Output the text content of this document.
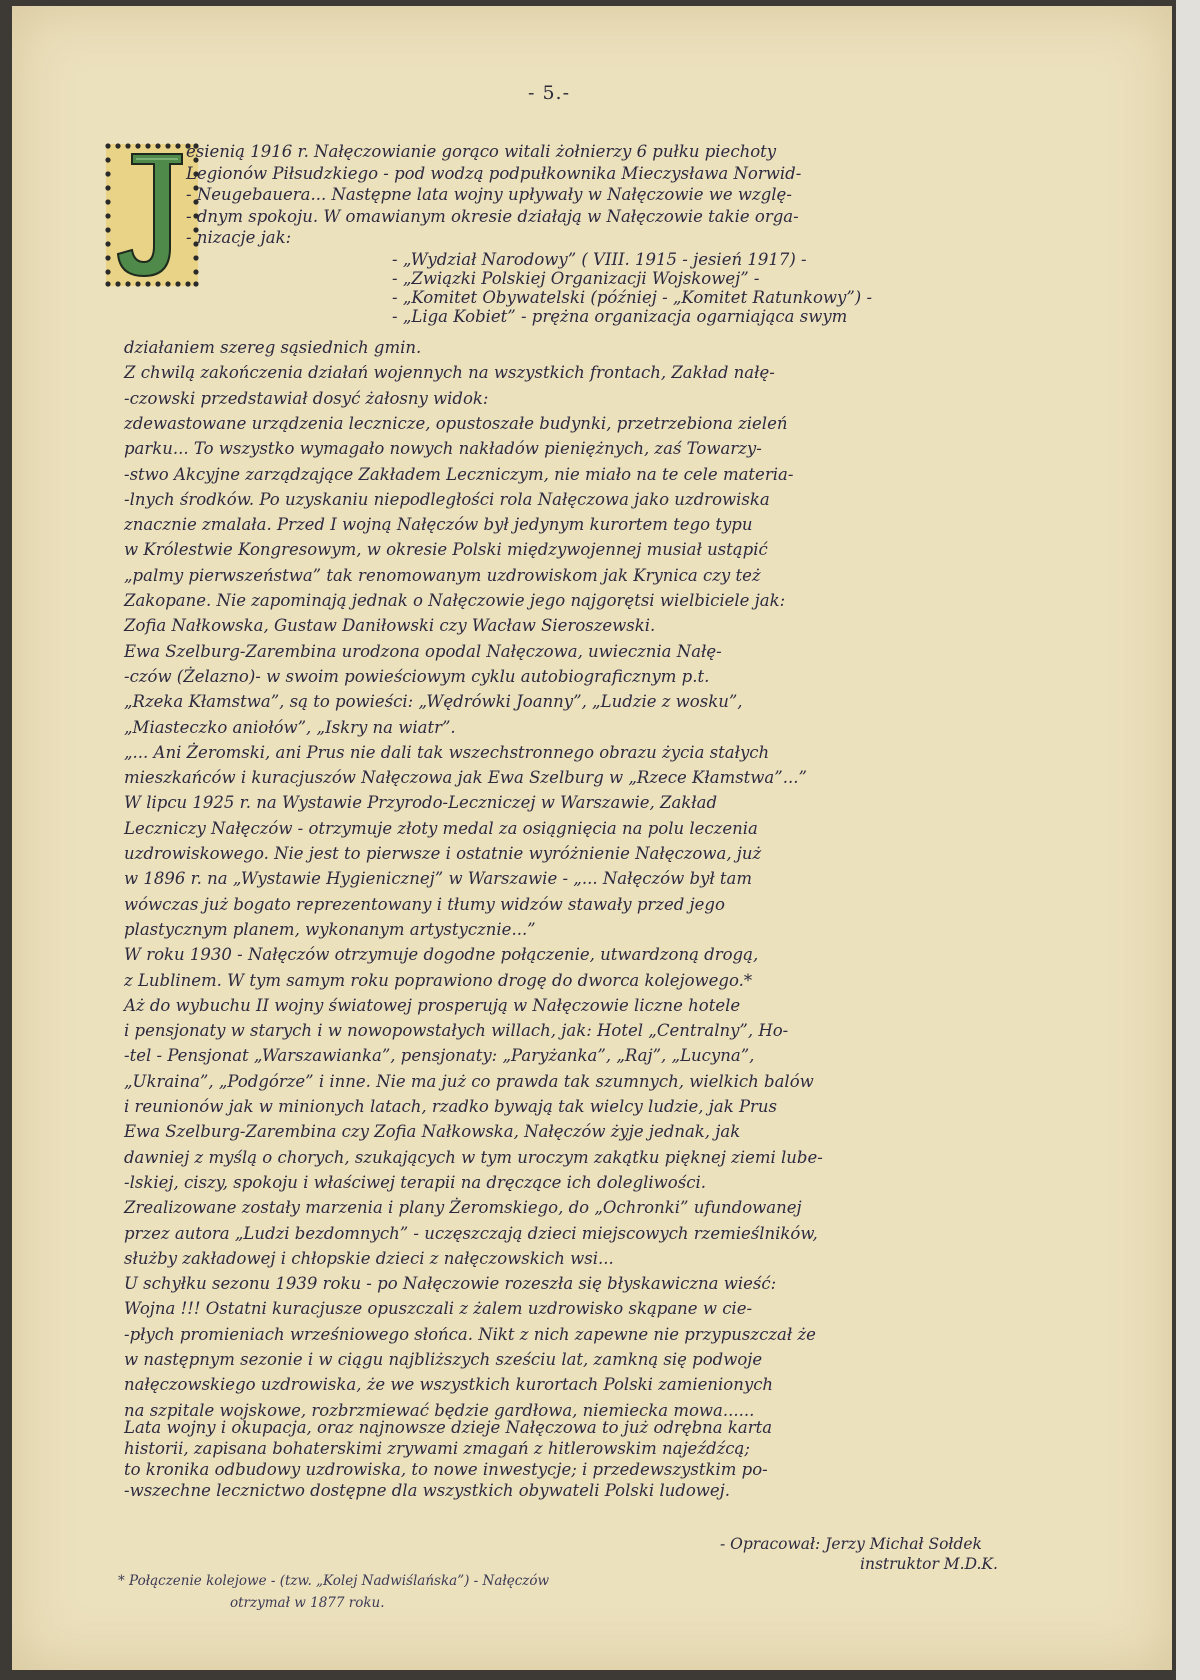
- 5.-
esienią 1916 r. Nałęczowianie gorąco witali żołnierzy 6 pułku piechoty
Legionów Piłsudzkiego - pod wodzą podpułkownika Mieczysława Norwid-
- Neugebauera... Następne lata wojny upływały w Nałęczowie we wzglę-
- dnym spokoju. W omawianym okresie działają w Nałęczowie takie orga-
- nizacje jak:
- „Wydział Narodowy” ( VIII. 1915 - jesień 1917) -
- „Związki Polskiej Organizacji Wojskowej” -
- „Komitet Obywatelski (później - „Komitet Ratunkowy”) -
- „Liga Kobiet” - prężna organizacja ogarniająca swym
działaniem szereg sąsiednich gmin.
Z chwilą zakończenia działań wojennych na wszystkich frontach, Zakład nałę-
-czowski przedstawiał dosyć żałosny widok:
zdewastowane urządzenia lecznicze, opustoszałe budynki, przetrzebiona zieleń
parku... To wszystko wymagało nowych nakładów pieniężnych, zaś Towarzy-
-stwo Akcyjne zarządzające Zakładem Leczniczym, nie miało na te cele materia-
-lnych środków. Po uzyskaniu niepodległości rola Nałęczowa jako uzdrowiska
znacznie zmalała. Przed I wojną Nałęczów był jedynym kurortem tego typu
w Królestwie Kongresowym, w okresie Polski międzywojennej musiał ustąpić
„palmy pierwszeństwa” tak renomowanym uzdrowiskom jak Krynica czy też
Zakopane. Nie zapominają jednak o Nałęczowie jego najgorętsi wielbiciele jak:
Zofia Nałkowska, Gustaw Daniłowski czy Wacław Sieroszewski.
Ewa Szelburg-Zarembina urodzona opodal Nałęczowa, uwiecznia Nałę-
-czów (Żelazno)- w swoim powieściowym cyklu autobiograficznym p.t.
„Rzeka Kłamstwa”, są to powieści: „Wędrówki Joanny”, „Ludzie z wosku”,
„Miasteczko aniołów”, „Iskry na wiatr”.
„... Ani Żeromski, ani Prus nie dali tak wszechstronnego obrazu życia stałych
mieszkańców i kuracjuszów Nałęczowa jak Ewa Szelburg w „Rzece Kłamstwa”...”
W lipcu 1925 r. na Wystawie Przyrodo-Leczniczej w Warszawie, Zakład
Leczniczy Nałęczów - otrzymuje złoty medal za osiągnięcia na polu leczenia
uzdrowiskowego. Nie jest to pierwsze i ostatnie wyróżnienie Nałęczowa, już
w 1896 r. na „Wystawie Hygienicznej” w Warszawie - „... Nałęczów był tam
wówczas już bogato reprezentowany i tłumy widzów stawały przed jego
plastycznym planem, wykonanym artystycznie...”
W roku 1930 - Nałęczów otrzymuje dogodne połączenie, utwardzoną drogą,
z Lublinem. W tym samym roku poprawiono drogę do dworca kolejowego.*
Aż do wybuchu II wojny światowej prosperują w Nałęczowie liczne hotele
i pensjonaty w starych i w nowopowstałych willach, jak: Hotel „Centralny”, Ho-
-tel - Pensjonat „Warszawianka”, pensjonaty: „Paryżanka”, „Raj”, „Lucyna”,
„Ukraina”, „Podgórze” i inne. Nie ma już co prawda tak szumnych, wielkich balów
i reunionów jak w minionych latach, rzadko bywają tak wielcy ludzie, jak Prus
Ewa Szelburg-Zarembina czy Zofia Nałkowska, Nałęczów żyje jednak, jak
dawniej z myślą o chorych, szukających w tym uroczym zakątku pięknej ziemi lube-
-lskiej, ciszy, spokoju i właściwej terapii na dręczące ich dolegliwości.
Zrealizowane zostały marzenia i plany Żeromskiego, do „Ochronki” ufundowanej
przez autora „Ludzi bezdomnych” - uczęszczają dzieci miejscowych rzemieślników,
służby zakładowej i chłopskie dzieci z nałęczowskich wsi...
U schyłku sezonu 1939 roku - po Nałęczowie rozeszła się błyskawiczna wieść:
Wojna !!! Ostatni kuracjusze opuszczali z żalem uzdrowisko skąpane w cie-
-płych promieniach wrześniowego słońca. Nikt z nich zapewne nie przypuszczał że
w następnym sezonie i w ciągu najbliższych sześciu lat, zamkną się podwoje
nałęczowskiego uzdrowiska, że we wszystkich kurortach Polski zamienionych
na szpitale wojskowe, rozbrzmiewać będzie gardłowa, niemiecka mowa......
Lata wojny i okupacja, oraz najnowsze dzieje Nałęczowa to już odrębna karta
historii, zapisana bohaterskimi zrywami zmagań z hitlerowskim najeźdźcą;
to kronika odbudowy uzdrowiska, to nowe inwestycje; i przedewszystkim po-
-wszechne lecznictwo dostępne dla wszystkich obywateli Polski ludowej.
- Opracował: Jerzy Michał Sołdek
instruktor M.D.K.
* Połączenie kolejowe - (tzw. „Kolej Nadwiślańska”) - Nałęczów
otrzymał w 1877 roku.
